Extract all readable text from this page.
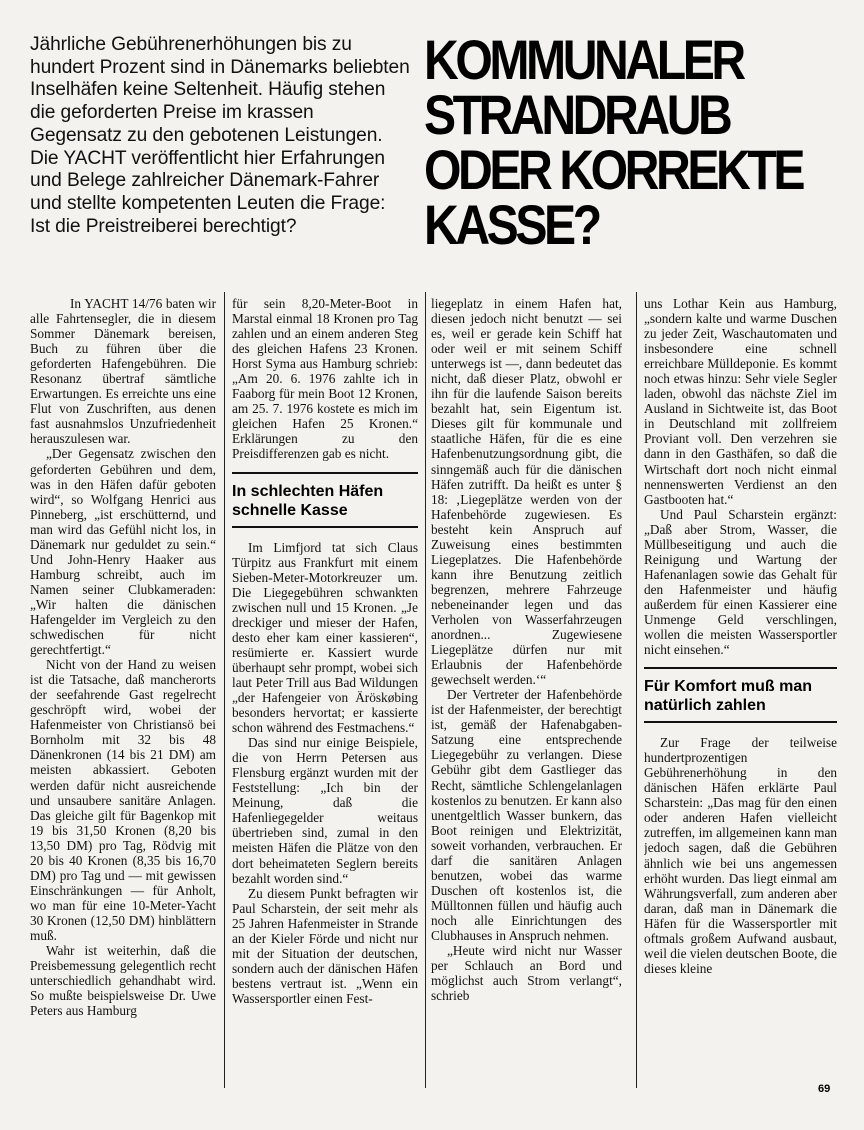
Jährliche Gebührenerhöhungen bis zu hundert Prozent sind in Dänemarks beliebten Inselhäfen keine Seltenheit. Häufig stehen die geforderten Preise im krassen Gegensatz zu den gebotenen Leistungen. Die YACHT veröffentlicht hier Erfahrungen und Belege zahlreicher Dänemark-Fahrer und stellte kompetenten Leuten die Frage: Ist die Preistreiberei berechtigt?
KOMMUNALER
STRANDRAUB
ODER KORREKTE
KASSE?

In YACHT 14/76 baten wir alle Fahrtensegler, die in diesem Sommer Dänemark bereisen, Buch zu führen über die geforderten Hafengebühren. Die Resonanz übertraf sämtliche Erwartungen. Es erreichte uns eine Flut von Zuschriften, aus denen fast ausnahmslos Unzufriedenheit herauszulesen war.

„Der Gegensatz zwischen den geforderten Gebühren und dem, was in den Häfen dafür geboten wird“, so Wolfgang Henrici aus Pinneberg, „ist erschütternd, und man wird das Gefühl nicht los, in Dänemark nur geduldet zu sein.“ Und John-Henry Haaker aus Hamburg schreibt, auch im Namen seiner Clubkameraden: „Wir halten die dänischen Hafengelder im Vergleich zu den schwedischen für nicht gerechtfertigt.“

Nicht von der Hand zu weisen ist die Tatsache, daß mancherorts der seefahrende Gast regelrecht geschröpft wird, wobei der Hafenmeister von Christiansö bei Bornholm mit 32 bis 48 Dänenkronen (14 bis 21 DM) am meisten abkassiert. Geboten werden dafür nicht ausreichende und unsaubere sanitäre Anlagen. Das gleiche gilt für Bagenkop mit 19 bis 31,50 Kronen (8,20 bis 13,50 DM) pro Tag, Rödvig mit 20 bis 40 Kronen (8,35 bis 16,70 DM) pro Tag und — mit gewissen Einschränkungen — für Anholt, wo man für eine 10-Meter-Yacht 30 Kronen (12,50 DM) hinblättern muß.

Wahr ist weiterhin, daß die Preisbemessung gelegentlich recht unterschiedlich gehandhabt wird. So mußte beispielsweise Dr. Uwe Peters aus Hamburg

für sein 8,20-Meter-Boot in Marstal einmal 18 Kronen pro Tag zahlen und an einem anderen Steg des gleichen Hafens 23 Kronen. Horst Syma aus Hamburg schrieb: „Am 20. 6. 1976 zahlte ich in Faaborg für mein Boot 12 Kronen, am 25. 7. 1976 kostete es mich im gleichen Hafen 25 Kronen.“ Erklärungen zu den Preisdifferenzen gab es nicht.

In schlechten Häfen schnelle Kasse

Im Limfjord tat sich Claus Türpitz aus Frankfurt mit einem Sieben-Meter-Motorkreuzer um. Die Liegegebühren schwankten zwischen null und 15 Kronen. „Je dreckiger und mieser der Hafen, desto eher kam einer kassieren“, resümierte er. Kassiert wurde überhaupt sehr prompt, wobei sich laut Peter Trill aus Bad Wildungen „der Hafengeier von Äröskøbing besonders hervortat; er kassierte schon während des Festmachens.“

Das sind nur einige Beispiele, die von Herrn Petersen aus Flensburg ergänzt wurden mit der Feststellung: „Ich bin der Meinung, daß die Hafenliegegelder weitaus übertrieben sind, zumal in den meisten Häfen die Plätze von den dort beheimateten Seglern bereits bezahlt worden sind.“

Zu diesem Punkt befragten wir Paul Scharstein, der seit mehr als 25 Jahren Hafenmeister in Strande an der Kieler Förde und nicht nur mit der Situation der deutschen, sondern auch der dänischen Häfen bestens vertraut ist. „Wenn ein Wassersportler einen Fest-

liegeplatz in einem Hafen hat, diesen jedoch nicht benutzt — sei es, weil er gerade kein Schiff hat oder weil er mit seinem Schiff unterwegs ist —, dann bedeutet das nicht, daß dieser Platz, obwohl er ihn für die laufende Saison bereits bezahlt hat, sein Eigentum ist. Dieses gilt für kommunale und staatliche Häfen, für die es eine Hafenbenutzungsordnung gibt, die sinngemäß auch für die dänischen Häfen zutrifft. Da heißt es unter § 18: ‚Liegeplätze werden von der Hafenbehörde zugewiesen. Es besteht kein Anspruch auf Zuweisung eines bestimmten Liegeplatzes. Die Hafenbehörde kann ihre Benutzung zeitlich begrenzen, mehrere Fahrzeuge nebeneinander legen und das Verholen von Wasserfahrzeugen anordnen... Zugewiesene Liegeplätze dürfen nur mit Erlaubnis der Hafenbehörde gewechselt werden.‘“

Der Vertreter der Hafenbehörde ist der Hafenmeister, der berechtigt ist, gemäß der Hafenabgaben-Satzung eine entsprechende Liegegebühr zu verlangen. Diese Gebühr gibt dem Gastlieger das Recht, sämtliche Schlengelanlagen kostenlos zu benutzen. Er kann also unentgeltlich Wasser bunkern, das Boot reinigen und Elektrizität, soweit vorhanden, verbrauchen. Er darf die sanitären Anlagen benutzen, wobei das warme Duschen oft kostenlos ist, die Mülltonnen füllen und häufig auch noch alle Einrichtungen des Clubhauses in Anspruch nehmen.

„Heute wird nicht nur Wasser per Schlauch an Bord und möglichst auch Strom verlangt“, schrieb

uns Lothar Kein aus Hamburg, „sondern kalte und warme Duschen zu jeder Zeit, Waschautomaten und insbesondere eine schnell erreichbare Mülldeponie. Es kommt noch etwas hinzu: Sehr viele Segler laden, obwohl das nächste Ziel im Ausland in Sichtweite ist, das Boot in Deutschland mit zollfreiem Proviant voll. Den verzehren sie dann in den Gasthäfen, so daß die Wirtschaft dort noch nicht einmal nennenswerten Verdienst an den Gastbooten hat.“

Und Paul Scharstein ergänzt: „Daß aber Strom, Wasser, die Müllbeseitigung und auch die Reinigung und Wartung der Hafenanlagen sowie das Gehalt für den Hafenmeister und häufig außerdem für einen Kassierer eine Unmenge Geld verschlingen, wollen die meisten Wassersportler nicht einsehen.“

Für Komfort muß man natürlich zahlen

Zur Frage der teilweise hundertprozentigen Gebührenerhöhung in den dänischen Häfen erklärte Paul Scharstein: „Das mag für den einen oder anderen Hafen vielleicht zutreffen, im allgemeinen kann man jedoch sagen, daß die Gebühren ähnlich wie bei uns angemessen erhöht wurden. Das liegt einmal am Währungsverfall, zum anderen aber daran, daß man in Dänemark die Häfen für die Wassersportler mit oftmals großem Aufwand ausbaut, weil die vielen deutschen Boote, die dieses kleine

69
